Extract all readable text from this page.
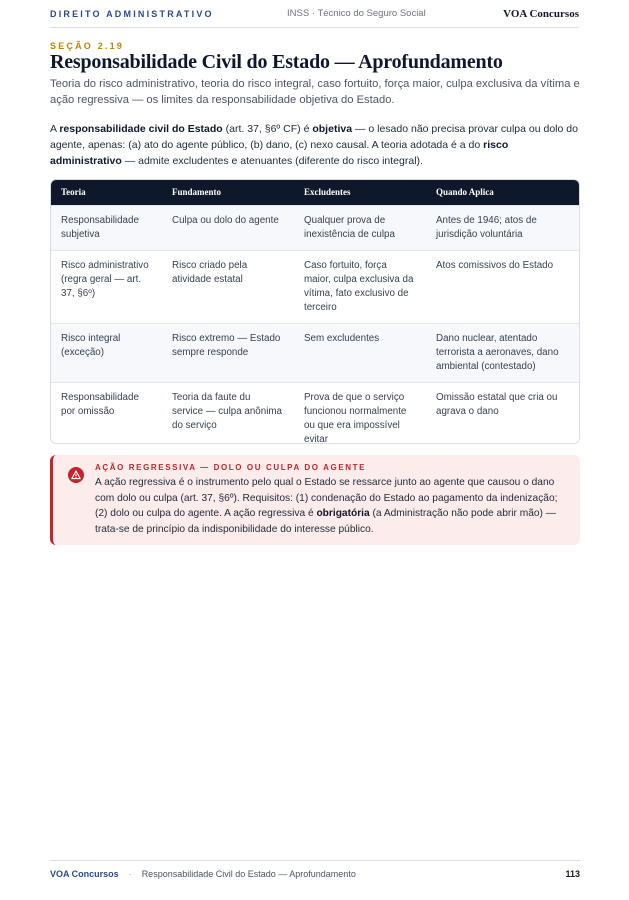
DIREITO ADMINISTRATIVO	INSS · Técnico do Seguro Social	VOA Concursos
SEÇÃO 2.19
Responsabilidade Civil do Estado — Aprofundamento

Teoria do risco administrativo, teoria do risco integral, caso fortuito, força maior, culpa exclusiva da vítima e ação regressiva — os limites da responsabilidade objetiva do Estado.

A responsabilidade civil do Estado (art. 37, §6º CF) é objetiva — o lesado não precisa provar culpa ou dolo do agente, apenas: (a) ato do agente público, (b) dano, (c) nexo causal. A teoria adotada é a do risco administrativo — admite excludentes e atenuantes (diferente do risco integral).

Teoria	Fundamento	Excludentes	Quando Aplica
Responsabilidade subjetiva	Culpa ou dolo do agente	Qualquer prova de inexistência de culpa	Antes de 1946; atos de jurisdição voluntária
Risco administrativo (regra geral — art. 37, §6º)	Risco criado pela atividade estatal	Caso fortuito, força maior, culpa exclusiva da vítima, fato exclusivo de terceiro	Atos comissivos do Estado
Risco integral (exceção)	Risco extremo — Estado sempre responde	Sem excludentes	Dano nuclear, atentado terrorista a aeronaves, dano ambiental (contestado)
Responsabilidade por omissão	Teoria da faute du service — culpa anônima do serviço	Prova de que o serviço funcionou normalmente ou que era impossível evitar	Omissão estatal que cria ou agrava o dano
AÇÃO REGRESSIVA — DOLO OU CULPA DO AGENTE

A ação regressiva é o instrumento pelo qual o Estado se ressarce junto ao agente que causou o dano com dolo ou culpa (art. 37, §6º). Requisitos: (1) condenação do Estado ao pagamento da indenização; (2) dolo ou culpa do agente. A ação regressiva é obrigatória (a Administração não pode abrir mão) — trata-se de princípio da indisponibilidade do interesse público.

VOA Concursos · Responsabilidade Civil do Estado — Aprofundamento	113
